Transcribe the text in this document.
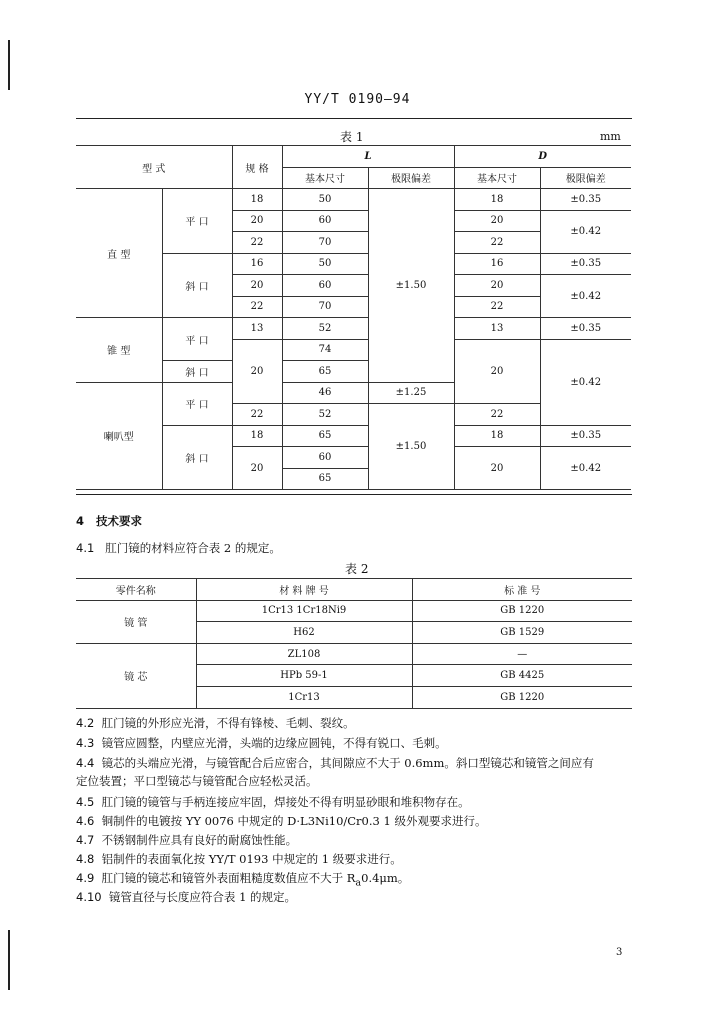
YY/T 0190—94
表 1	mm
型 式		规 格	L		D	
			基本尺寸	极限偏差	基本尺寸	极限偏差
直 型	平 口	18	50	±1.50	18	±0.35
		20	60		20	±0.42
		22	70		22	
	斜 口	16	50		16	±0.35
		20	60		20	±0.42
		22	70		22	
锥 型	平 口	13	52		13	±0.35
		20	74		20	±0.42
	斜 口		65			
喇叭型	平 口		46	±1.25		
		22	52	±1.50	22	
	斜 口	18	65		18	±0.35
		20	60		20	±0.42
			65			
4 技术要求
4.1 肛门镜的材料应符合表 2 的规定。
表 2
零件名称	材 料 牌 号	标 准 号
镜 管	1Cr13 1Cr18Ni9	GB 1220
	H62	GB 1529
镜 芯	ZL108	—
	HPb 59-1	GB 4425
	1Cr13	GB 1220
4.2 肛门镜的外形应光滑，不得有锋棱、毛刺、裂纹。
4.3 镜管应圆整，内壁应光滑，头端的边缘应圆钝，不得有锐口、毛刺。
4.4 镜芯的头端应光滑，与镜管配合后应密合，其间隙应不大于 0.6mm。斜口型镜芯和镜管之间应有
定位装置；平口型镜芯与镜管配合应轻松灵活。
4.5 肛门镜的镜管与手柄连接应牢固，焊接处不得有明显砂眼和堆积物存在。
4.6 铜制件的电镀按 YY 0076 中规定的 D·L3Ni10/Cr0.3 1 级外观要求进行。
4.7 不锈钢制件应具有良好的耐腐蚀性能。
4.8 铝制件的表面氧化按 YY/T 0193 中规定的 1 级要求进行。
4.9 肛门镜的镜芯和镜管外表面粗糙度数值应不大于 $R_a0.4\mu m$。
4.10 镜管直径与长度应符合表 1 的规定。
3
